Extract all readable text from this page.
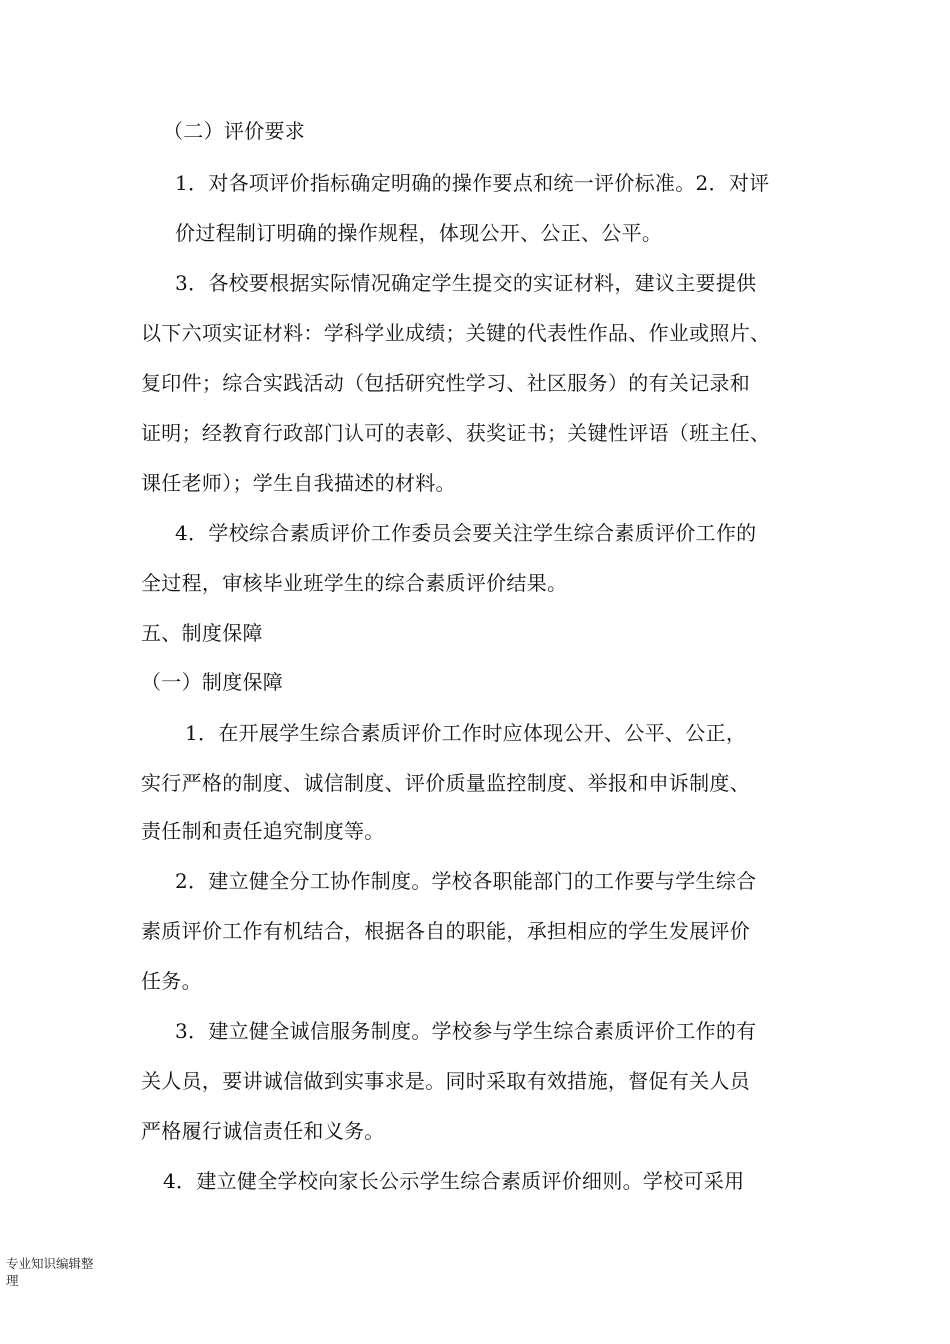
（二）评价要求
1．对各项评价指标确定明确的操作要点和统一评价标准。2．对评
价过程制订明确的操作规程，体现公开、公正、公平。
3．各校要根据实际情况确定学生提交的实证材料，建议主要提供
以下六项实证材料：学科学业成绩；关键的代表性作品、作业或照片、
复印件；综合实践活动（包括研究性学习、社区服务）的有关记录和
证明；经教育行政部门认可的表彰、获奖证书；关键性评语（班主任、
课任老师）；学生自我描述的材料。
4．学校综合素质评价工作委员会要关注学生综合素质评价工作的
全过程，审核毕业班学生的综合素质评价结果。
五、制度保障
（一）制度保障
1．在开展学生综合素质评价工作时应体现公开、公平、公正，
实行严格的制度、诚信制度、评价质量监控制度、举报和申诉制度、
责任制和责任追究制度等。
2．建立健全分工协作制度。学校各职能部门的工作要与学生综合
素质评价工作有机结合，根据各自的职能，承担相应的学生发展评价
任务。
3．建立健全诚信服务制度。学校参与学生综合素质评价工作的有
关人员，要讲诚信做到实事求是。同时采取有效措施，督促有关人员
严格履行诚信责任和义务。
4．建立健全学校向家长公示学生综合素质评价细则。学校可采用
专业知识编辑整
理
